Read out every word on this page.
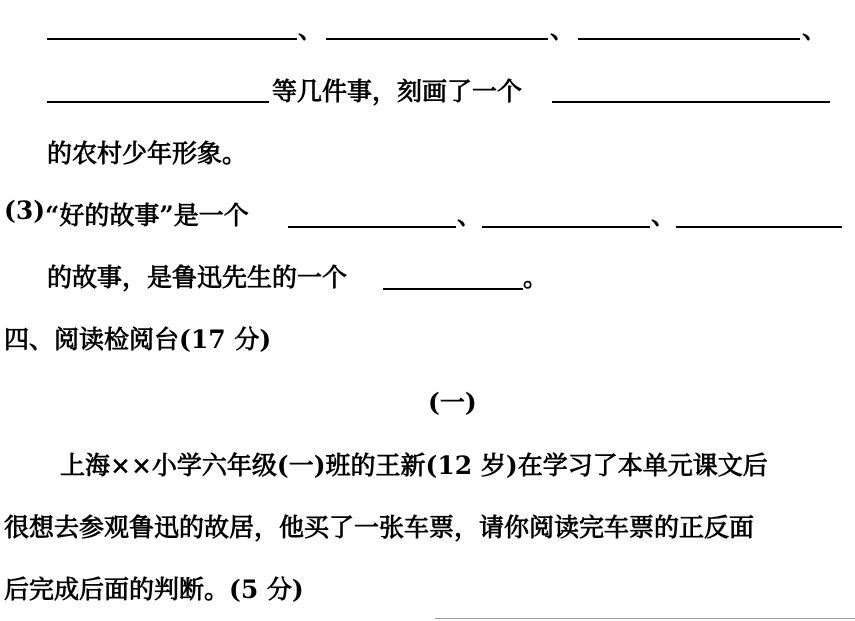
、	、	、
等几件事，刻画了一个
的农村少年形象。
(3) “好的故事”是一个	、	、
的故事，是鲁迅先生的一个	。
四、阅读检阅台(17 分)
(一)
上海××小学六年级(一)班的王新(12 岁)在学习了本单元课文后
很想去参观鲁迅的故居，他买了一张车票，请你阅读完车票的正反面
后完成后面的判断。(5 分)
